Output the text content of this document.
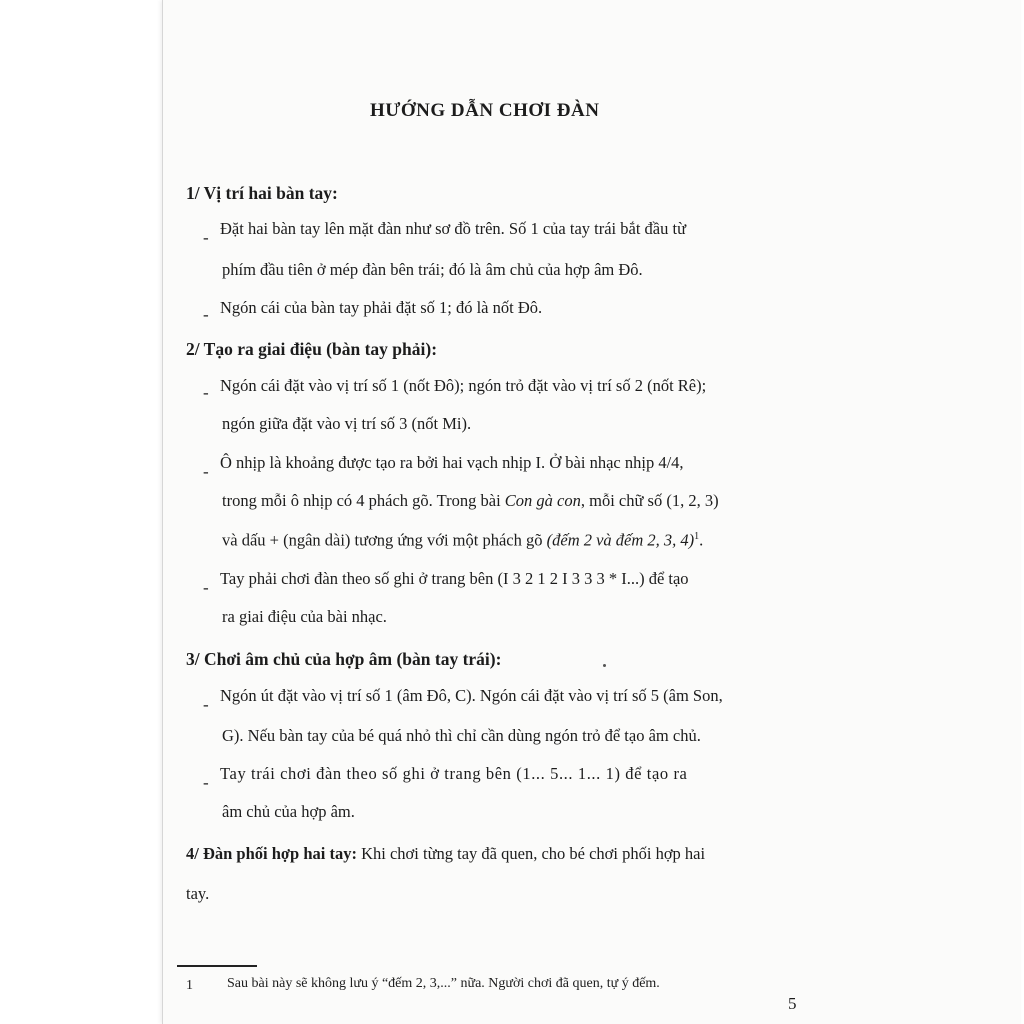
HƯỚNG DẪN CHƠI ĐÀN
1/ Vị trí hai bàn tay:
- Đặt hai bàn tay lên mặt đàn như sơ đồ trên. Số 1 của tay trái bắt đầu từ
phím đầu tiên ở mép đàn bên trái; đó là âm chủ của hợp âm Đô.
- Ngón cái của bàn tay phải đặt số 1; đó là nốt Đô.
2/ Tạo ra giai điệu (bàn tay phải):
- Ngón cái đặt vào vị trí số 1 (nốt Đô); ngón trỏ đặt vào vị trí số 2 (nốt Rê);
ngón giữa đặt vào vị trí số 3 (nốt Mi).
- Ô nhịp là khoảng được tạo ra bởi hai vạch nhịp I. Ở bài nhạc nhịp 4/4,
trong mỗi ô nhịp có 4 phách gõ. Trong bài Con gà con, mỗi chữ số (1, 2, 3)
và dấu + (ngân dài) tương ứng với một phách gõ (đếm 2 và đếm 2, 3, 4)$^1$.
- Tay phải chơi đàn theo số ghi ở trang bên (I 3 2 1 2 I 3 3 3 * I...) để tạo
ra giai điệu của bài nhạc.
3/ Chơi âm chủ của hợp âm (bàn tay trái):
- Ngón út đặt vào vị trí số 1 (âm Đô, C). Ngón cái đặt vào vị trí số 5 (âm Son,
G). Nếu bàn tay của bé quá nhỏ thì chỉ cần dùng ngón trỏ để tạo âm chủ.
- Tay trái chơi đàn theo số ghi ở trang bên (1... 5... 1... 1) để tạo ra
âm chủ của hợp âm.
4/ Đàn phối hợp hai tay: Khi chơi từng tay đã quen, cho bé chơi phối hợp hai
tay.
1 Sau bài này sẽ không lưu ý “đếm 2, 3,...” nữa. Người chơi đã quen, tự ý đếm.
5
